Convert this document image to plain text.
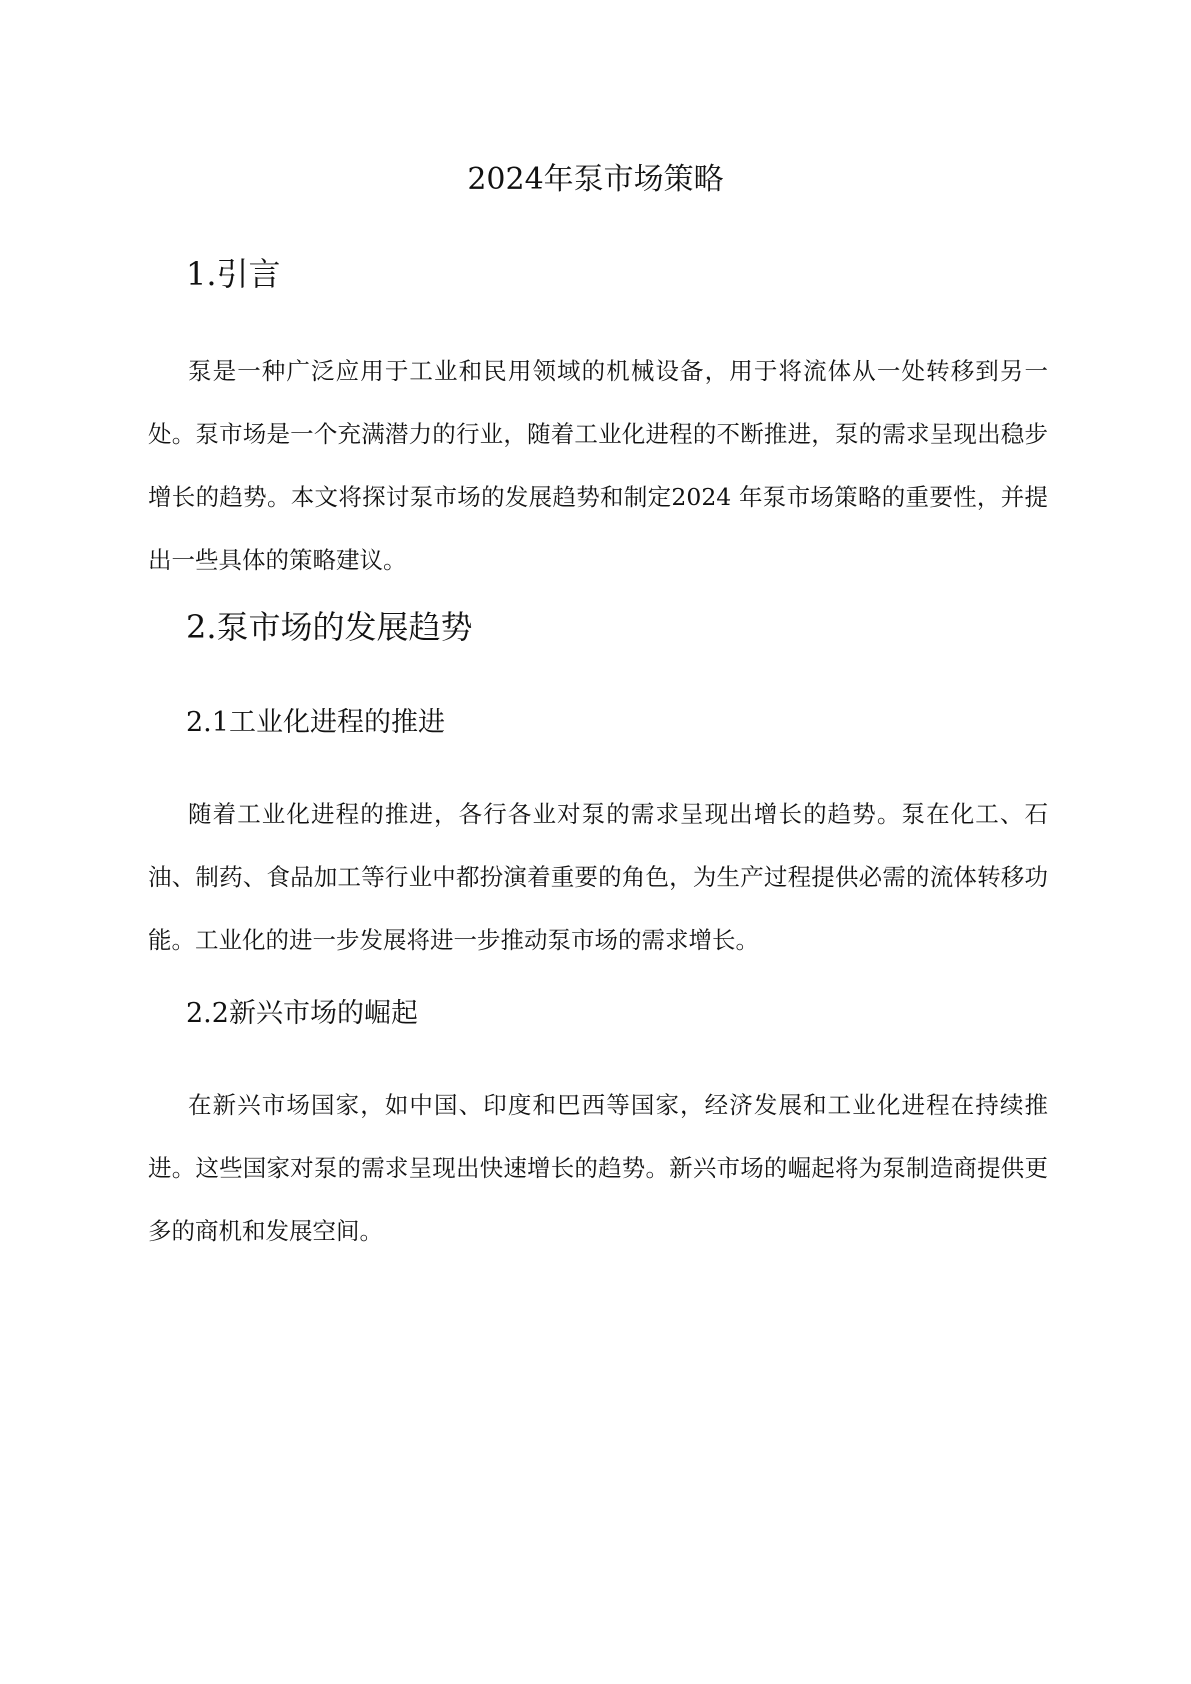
2024年泵市场策略
1.引言

泵是一种广泛应用于工业和民用领域的机械设备，用于将流体从一处转移到另一处。泵市场是一个充满潜力的行业，随着工业化进程的不断推进，泵的需求呈现出稳步增长的趋势。本文将探讨泵市场的发展趋势和制定2024 年泵市场策略的重要性，并提出一些具体的策略建议。

2.泵市场的发展趋势
2.1工业化进程的推进

随着工业化进程的推进，各行各业对泵的需求呈现出增长的趋势。泵在化工、石油、制药、食品加工等行业中都扮演着重要的角色，为生产过程提供必需的流体转移功能。工业化的进一步发展将进一步推动泵市场的需求增长。

2.2新兴市场的崛起

在新兴市场国家，如中国、印度和巴西等国家，经济发展和工业化进程在持续推进。这些国家对泵的需求呈现出快速增长的趋势。新兴市场的崛起将为泵制造商提供更多的商机和发展空间。
